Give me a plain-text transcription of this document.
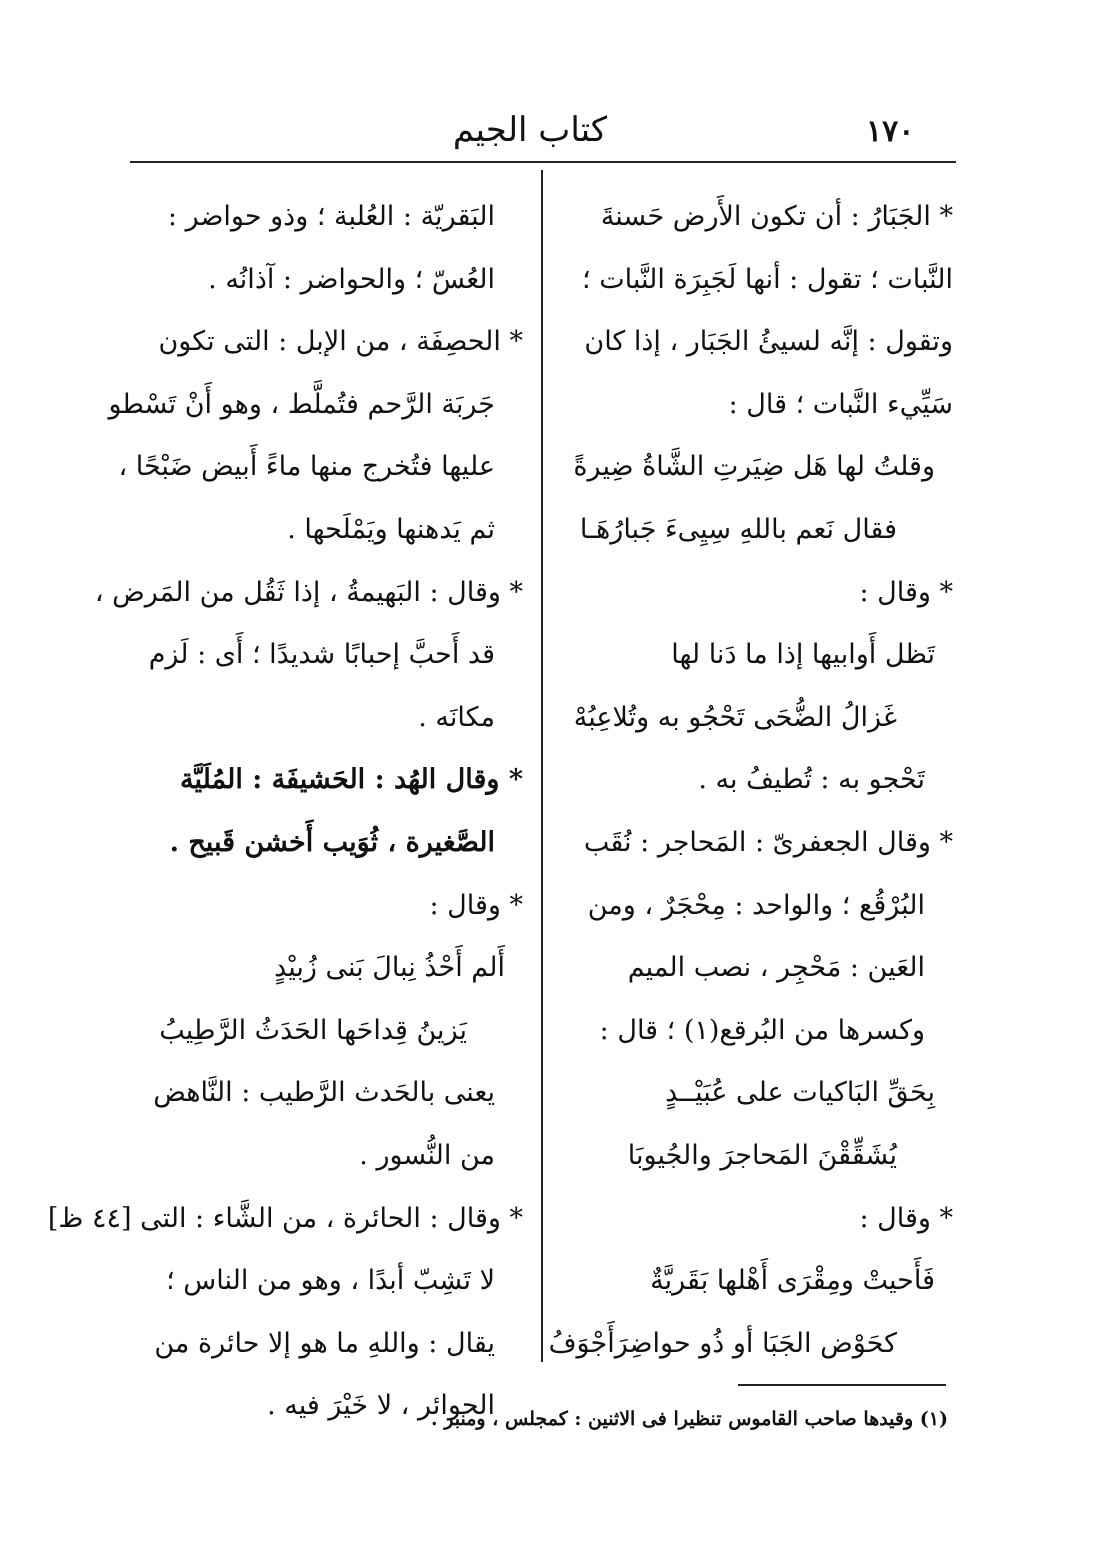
١٧٠
كتاب الجيم
* الجَبَارُ : أن تكون الأَرض حَسنةَ
النَّبات ؛ تقول : أنها لَجَبِرَة النَّبات ؛
وتقول : إنَّه لسيئُ الجَبَار ، إذا كان
سَيِّيء النَّبات ؛ قال :
وقلتُ لها هَل ضِيَرتِ الشَّاةُ ضِيرةً
فقال نَعم باللهِ سِيِىءَ جَبارُهَـا
* وقال :
تَظل أَوابيها إذا ما دَنا لها
غَزالُ الضُّحَى تَحْجُو به وتُلاعِبُهْ
تَحْجو به : تُطيفُ به .
* وقال الجعفرىّ : المَحاجر : نُقَب
البُرْقُع ؛ والواحد : مِحْجَرٌ ، ومن
العَين : مَحْجِر ، نصب الميم
وكسرها من البُرقع(١) ؛ قال :
بِحَقِّ البَاكيات على عُبَيْــدٍ
يُشَقِّقْنَ المَحاجرَ والجُيوبَا
* وقال :
فَأَحيتْ ومِقْرَى أَهْلها بَقَريَّةٌ
كحَوْض الجَبَا أو ذُو حواضِرَأَجْوَفُ
البَقريّة : العُلبة ؛ وذو حواضر :
العُسّ ؛ والحواضر : آذانُه .
* الحصِفَة ، من الإبل : التى تكون
جَربَة الرَّحم فتُملَّط ، وهو أَنْ تَسْطو
عليها فتُخرج منها ماءً أَبيض ضَبْحًا ،
ثم يَدهنها ويَمْلَحها .
* وقال : البَهيمةُ ، إذا ثَقُل من المَرض ،
قد أَحبَّ إحبابًا شديدًا ؛ أَى : لَزم
مكانَه .
* وقال الهُد : الحَشيفَة : المُلَيَّة
الصَّغيرة ، ثُوَيب أَخشن قَبيح .
* وقال :
أَلم أَحْذُ نِبالَ بَنى زُبيْدٍ
يَزينُ قِداحَها الحَدَثُ الرَّطِيبُ
يعنى بالحَدث الرَّطيب : النَّاهض
من النُّسور .
* وقال : الحائرة ، من الشَّاء : التى [٤٤ ظ]
لا تَشِبّ أبدًا ، وهو من الناس ؛
يقال : واللهِ ما هو إلا حائرة من
الحوائر ، لا خَيْرَ فيه .
(١) وقيدها صاحب القاموس تنظيرا فى الاثنين : كمجلس ، ومنبر .
